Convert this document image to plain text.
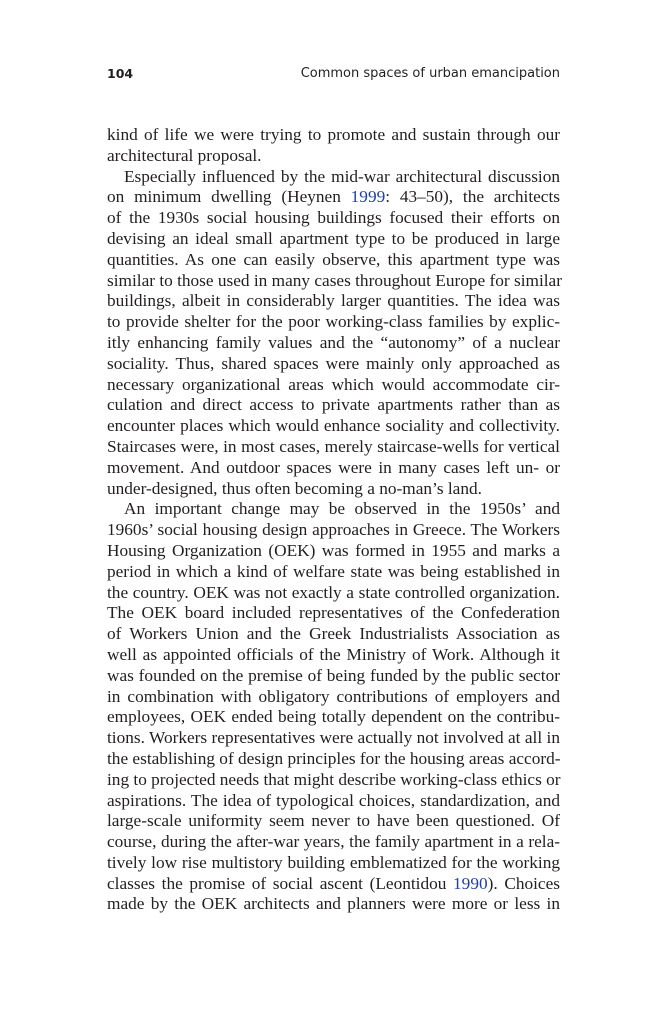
104	Common spaces of urban emancipation
kind of life we were trying to promote and sustain through our
architectural proposal.
Especially influenced by the mid-war architectural discussion
on minimum dwelling (Heynen 1999: 43–50), the architects
of the 1930s social housing buildings focused their efforts on
devising an ideal small apartment type to be produced in large
quantities. As one can easily observe, this apartment type was
similar to those used in many cases throughout Europe for similar
buildings, albeit in considerably larger quantities. The idea was
to provide shelter for the poor working-class families by explic-
itly enhancing family values and the “autonomy” of a nuclear
sociality. Thus, shared spaces were mainly only approached as
necessary organizational areas which would accommodate cir-
culation and direct access to private apartments rather than as
encounter places which would enhance sociality and collectivity.
Staircases were, in most cases, merely staircase-wells for vertical
movement. And outdoor spaces were in many cases left un- or
under-designed, thus often becoming a no-man’s land.
An important change may be observed in the 1950s’ and
1960s’ social housing design approaches in Greece. The Workers
Housing Organization (OEK) was formed in 1955 and marks a
period in which a kind of welfare state was being established in
the country. OEK was not exactly a state controlled organization.
The OEK board included representatives of the Confederation
of Workers Union and the Greek Industrialists Association as
well as appointed officials of the Ministry of Work. Although it
was founded on the premise of being funded by the public sector
in combination with obligatory contributions of employers and
employees, OEK ended being totally dependent on the contribu-
tions. Workers representatives were actually not involved at all in
the establishing of design principles for the housing areas accord-
ing to projected needs that might describe working-class ethics or
aspirations. The idea of typological choices, standardization, and
large-scale uniformity seem never to have been questioned. Of
course, during the after-war years, the family apartment in a rela-
tively low rise multistory building emblematized for the working
classes the promise of social ascent (Leontidou 1990). Choices
made by the OEK architects and planners were more or less in
